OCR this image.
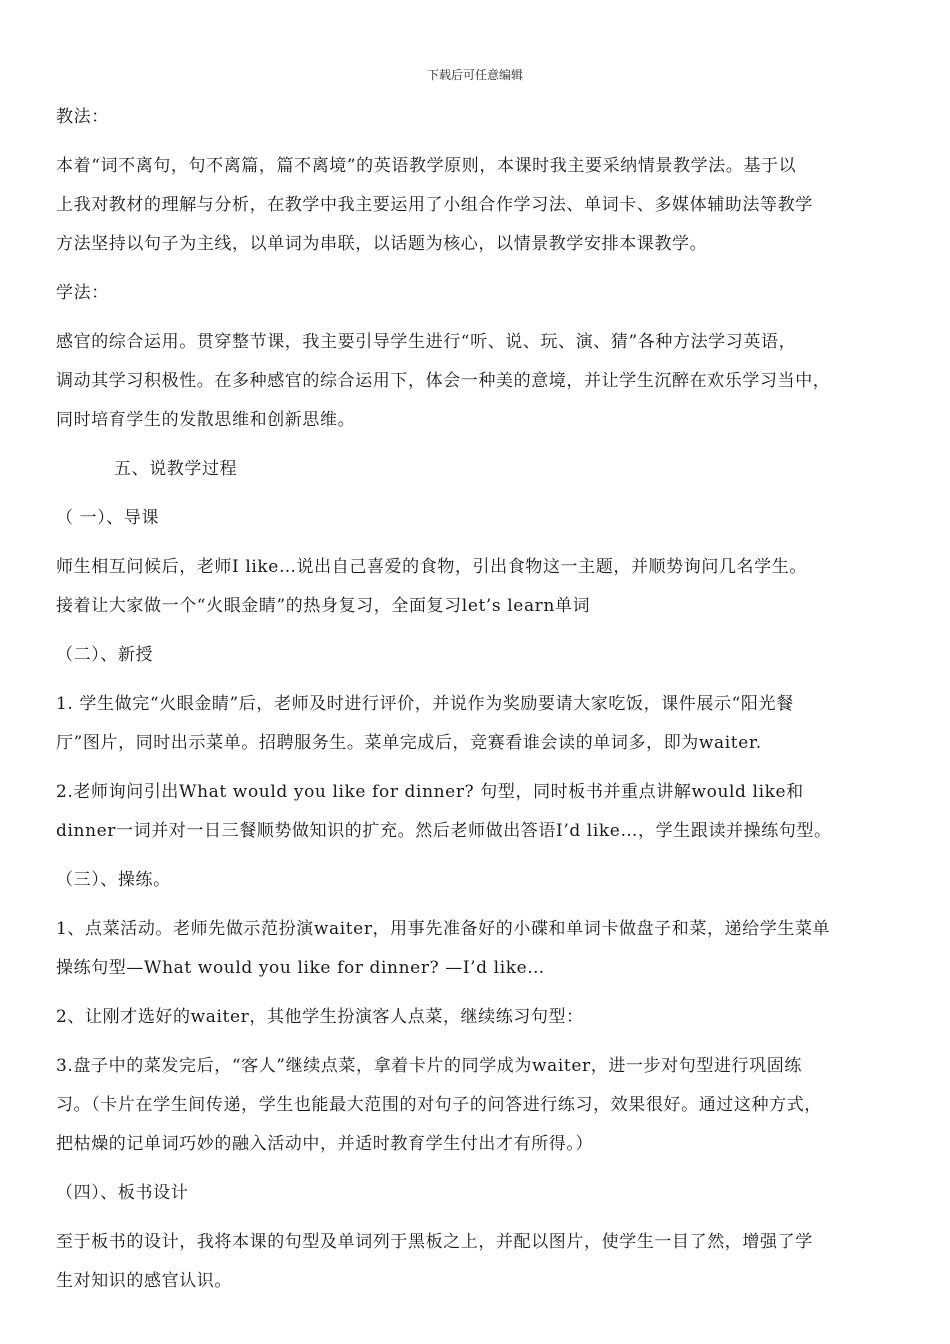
下载后可任意编辑
教法：
本着“词不离句，句不离篇，篇不离境”的英语教学原则，本课时我主要采纳情景教学法。基于以
上我对教材的理解与分析，在教学中我主要运用了小组合作学习法、单词卡、多媒体辅助法等教学
方法坚持以句子为主线，以单词为串联，以话题为核心，以情景教学安排本课教学。
学法：
感官的综合运用。贯穿整节课，我主要引导学生进行“听、说、玩、演、猜”各种方法学习英语，
调动其学习积极性。在多种感官的综合运用下，体会一种美的意境，并让学生沉醉在欢乐学习当中，
同时培育学生的发散思维和创新思维。
五、说教学过程
（ 一）、导课
师生相互问候后，老师I like…说出自己喜爱的食物，引出食物这一主题，并顺势询问几名学生。
接着让大家做一个“火眼金睛”的热身复习，全面复习let’s learn单词
（二）、新授
1. 学生做完“火眼金睛”后，老师及时进行评价，并说作为奖励要请大家吃饭，课件展示“阳光餐
厅”图片，同时出示菜单。招聘服务生。菜单完成后，竞赛看谁会读的单词多，即为waiter.
2.老师询问引出What would you like for dinner? 句型，同时板书并重点讲解would like和
dinner一词并对一日三餐顺势做知识的扩充。然后老师做出答语I’d like…，学生跟读并操练句型。
（三）、操练。
1、点菜活动。老师先做示范扮演waiter，用事先准备好的小碟和单词卡做盘子和菜，递给学生菜单
操练句型—What would you like for dinner? —I’d like…
2、让刚才选好的waiter，其他学生扮演客人点菜，继续练习句型：
3.盘子中的菜发完后，“客人”继续点菜，拿着卡片的同学成为waiter，进一步对句型进行巩固练
习。（卡片在学生间传递，学生也能最大范围的对句子的问答进行练习，效果很好。通过这种方式，
把枯燥的记单词巧妙的融入活动中，并适时教育学生付出才有所得。）
（四）、板书设计
至于板书的设计，我将本课的句型及单词列于黑板之上，并配以图片，使学生一目了然，增强了学
生对知识的感官认识。
